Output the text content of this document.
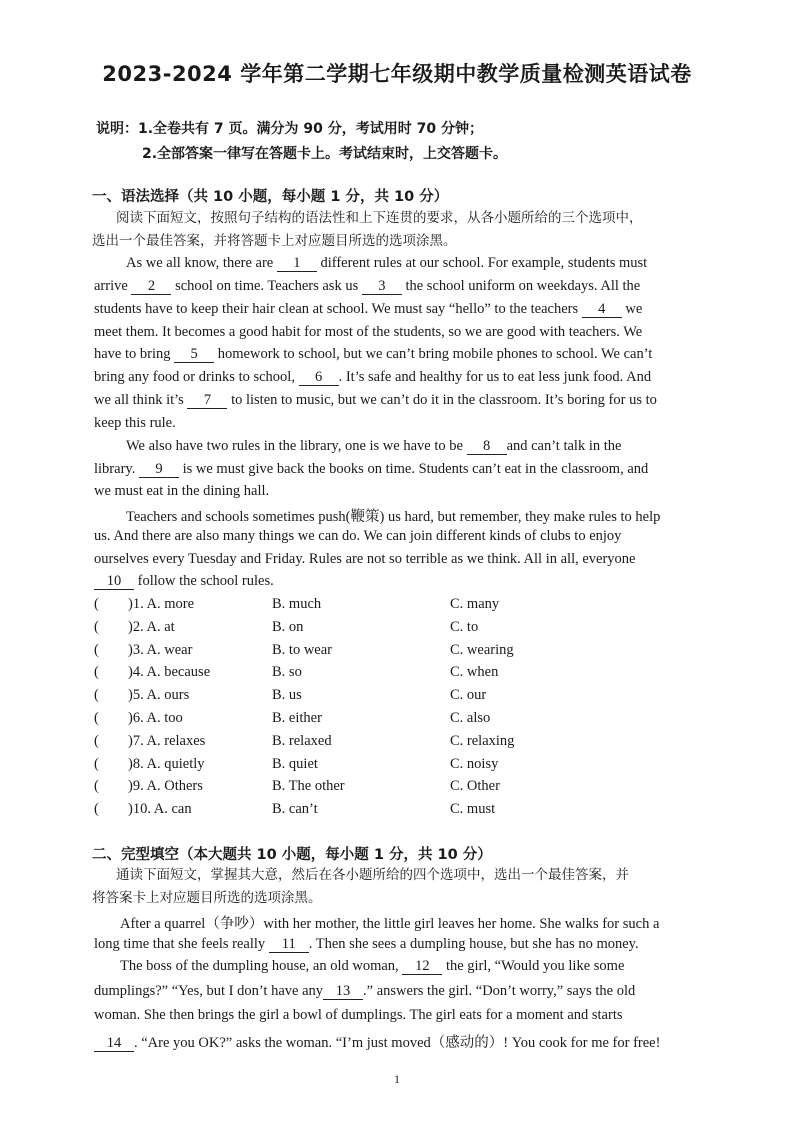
2023-2024 学年第二学期七年级期中教学质量检测英语试卷
说明：1.全卷共有 7 页。满分为 90 分，考试用时 70 分钟；
2.全部答案一律写在答题卡上。考试结束时，上交答题卡。
一、语法选择（共 10 小题，每小题 1 分，共 10 分）
阅读下面短文，按照句子结构的语法性和上下连贯的要求，从各小题所给的三个选项中，
选出一个最佳答案，并将答题卡上对应题目所选的选项涂黑。
As we all know, there are 1 different rules at our school. For example, students must
arrive 2 school on time. Teachers ask us 3 the school uniform on weekdays. All the
students have to keep their hair clean at school. We must say “hello” to the teachers 4 we
meet them. It becomes a good habit for most of the students, so we are good with teachers. We
have to bring 5 homework to school, but we can’t bring mobile phones to school. We can’t
bring any food or drinks to school, 6 . It’s safe and healthy for us to eat less junk food. And
we all think it’s 7 to listen to music, but we can’t do it in the classroom. It’s boring for us to
keep this rule.
We also have two rules in the library, one is we have to be 8 and can’t talk in the
library. 9 is we must give back the books on time. Students can’t eat in the classroom, and
we must eat in the dining hall.
Teachers and schools sometimes push(鞭策) us hard, but remember, they make rules to help
us. And there are also many things we can do. We can join different kinds of clubs to enjoy
ourselves every Tuesday and Friday. Rules are not so terrible as we think. All in all, everyone
10 follow the school rules.
( )1. A. more	B. much	C. many
( )2. A. at	B. on	C. to
( )3. A. wear	B. to wear	C. wearing
( )4. A. because	B. so	C. when
( )5. A. ours	B. us	C. our
( )6. A. too	B. either	C. also
( )7. A. relaxes	B. relaxed	C. relaxing
( )8. A. quietly	B. quiet	C. noisy
( )9. A. Others	B. The other	C. Other
( )10. A. can	B. can’t	C. must
二、完型填空（本大题共 10 小题，每小题 1 分，共 10 分）
通读下面短文，掌握其大意，然后在各小题所给的四个选项中，选出一个最佳答案，并
将答案卡上对应题目所选的选项涂黑。
After a quarrel（争吵）with her mother, the little girl leaves her home. She walks for such a
long time that she feels really 11 . Then she sees a dumpling house, but she has no money.
The boss of the dumpling house, an old woman, 12 the girl, “Would you like some
dumplings?” “Yes, but I don’t have any 13 .” answers the girl. “Don’t worry,” says the old
woman. She then brings the girl a bowl of dumplings. The girl eats for a moment and starts
14 . “Are you OK?” asks the woman. “I’m just moved（感动的）! You cook for me for free!
1
